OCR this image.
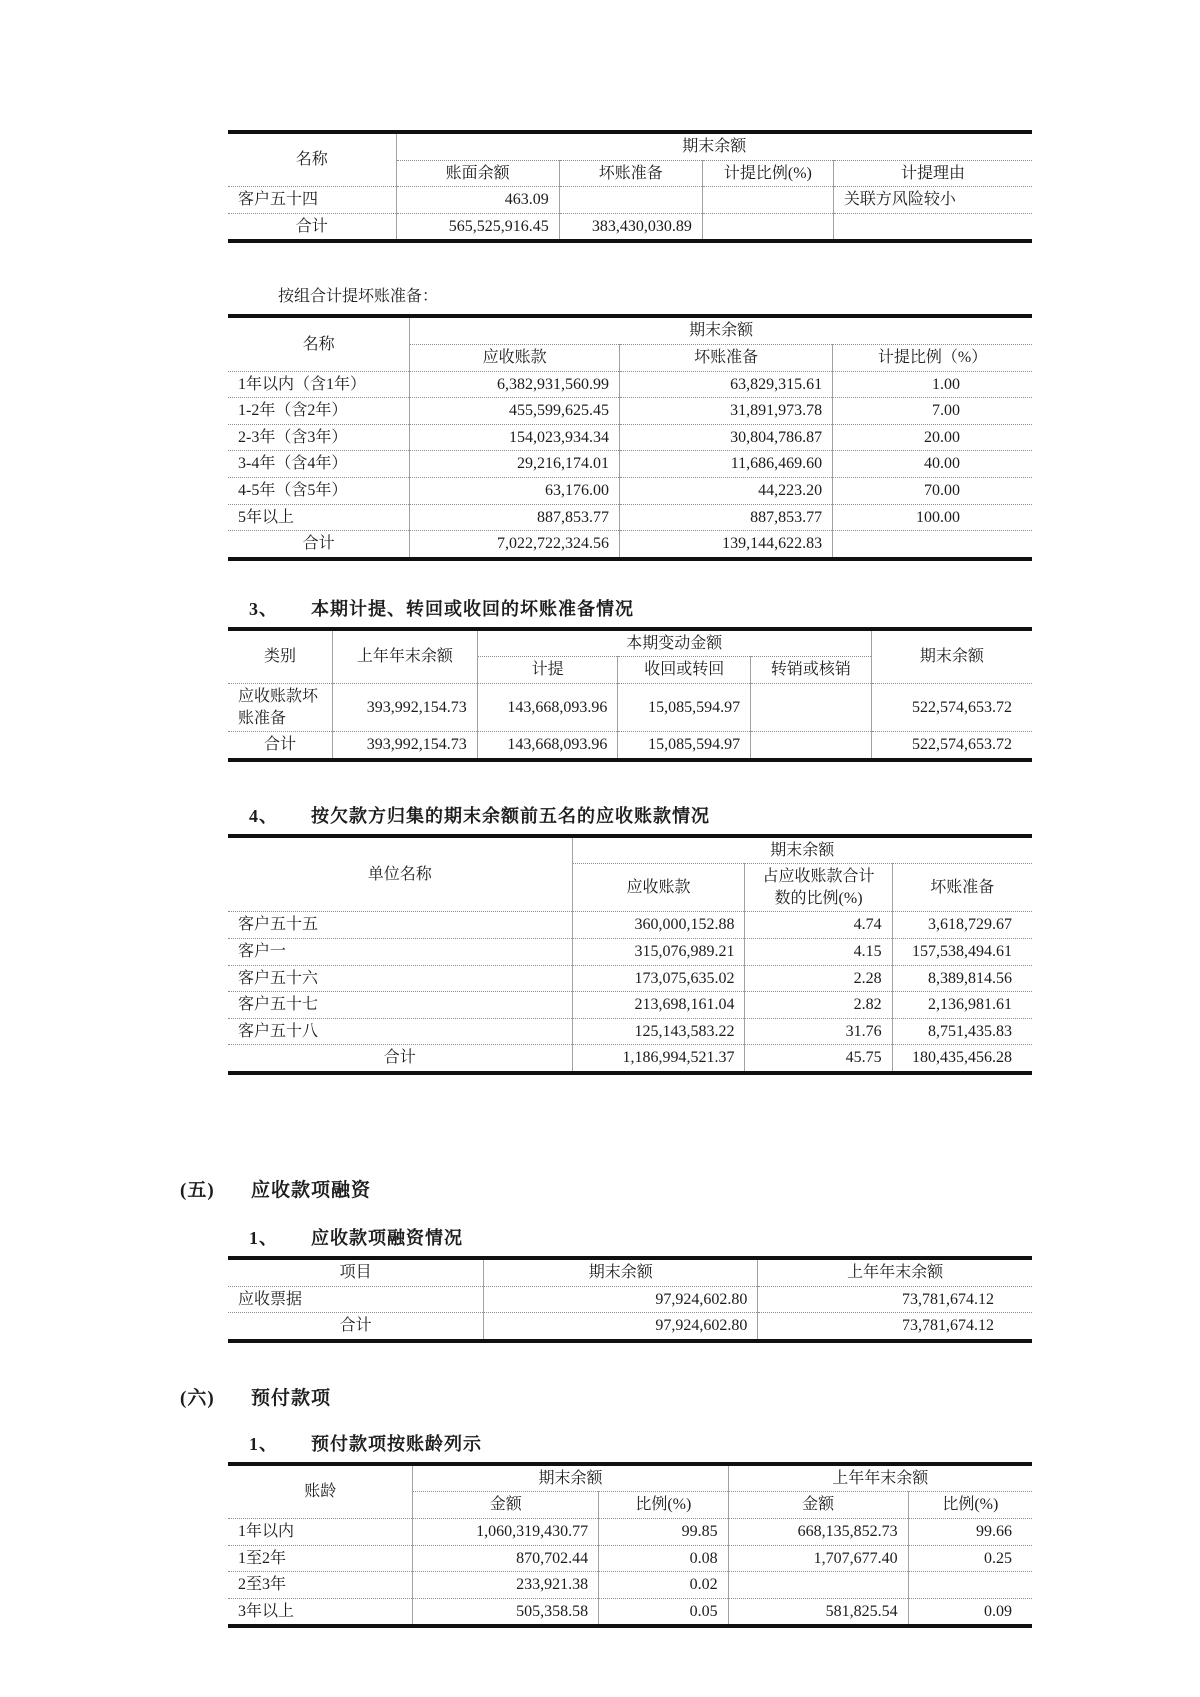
名称	期末余额			
	账面余额	坏账准备	计提比例(%)	计提理由
客户五十四	463.09			关联方风险较小
合计	565,525,916.45	383,430,030.89		
按组合计提坏账准备：
名称	期末余额		
	应收账款	坏账准备	计提比例（%）
1年以内（含1年）	6,382,931,560.99	63,829,315.61	1.00
1-2年（含2年）	455,599,625.45	31,891,973.78	7.00
2-3年（含3年）	154,023,934.34	30,804,786.87	20.00
3-4年（含4年）	29,216,174.01	11,686,469.60	40.00
4-5年（含5年）	63,176.00	44,223.20	70.00
5年以上	887,853.77	887,853.77	100.00
合计	7,022,722,324.56	139,144,622.83	
3、 本期计提、转回或收回的坏账准备情况
类别	上年年末余额	本期变动金额			期末余额
		计提	收回或转回	转销或核销	
应收账款坏账准备	393,992,154.73	143,668,093.96	15,085,594.97		522,574,653.72
合计	393,992,154.73	143,668,093.96	15,085,594.97		522,574,653.72
4、 按欠款方归集的期末余额前五名的应收账款情况
单位名称	期末余额		
	应收账款	占应收账款合计数的比例(%)	坏账准备
客户五十五	360,000,152.88	4.74	3,618,729.67
客户一	315,076,989.21	4.15	157,538,494.61
客户五十六	173,075,635.02	2.28	8,389,814.56
客户五十七	213,698,161.04	2.82	2,136,981.61
客户五十八	125,143,583.22	31.76	8,751,435.83
合计	1,186,994,521.37	45.75	180,435,456.28
(五) 应收款项融资
1、 应收款项融资情况
项目	期末余额	上年年末余额
应收票据	97,924,602.80	73,781,674.12
合计	97,924,602.80	73,781,674.12
(六) 预付款项
1、 预付款项按账龄列示
账龄	期末余额		上年年末余额	
	金额	比例(%)	金额	比例(%)
1年以内	1,060,319,430.77	99.85	668,135,852.73	99.66
1至2年	870,702.44	0.08	1,707,677.40	0.25
2至3年	233,921.38	0.02		
3年以上	505,358.58	0.05	581,825.54	0.09
